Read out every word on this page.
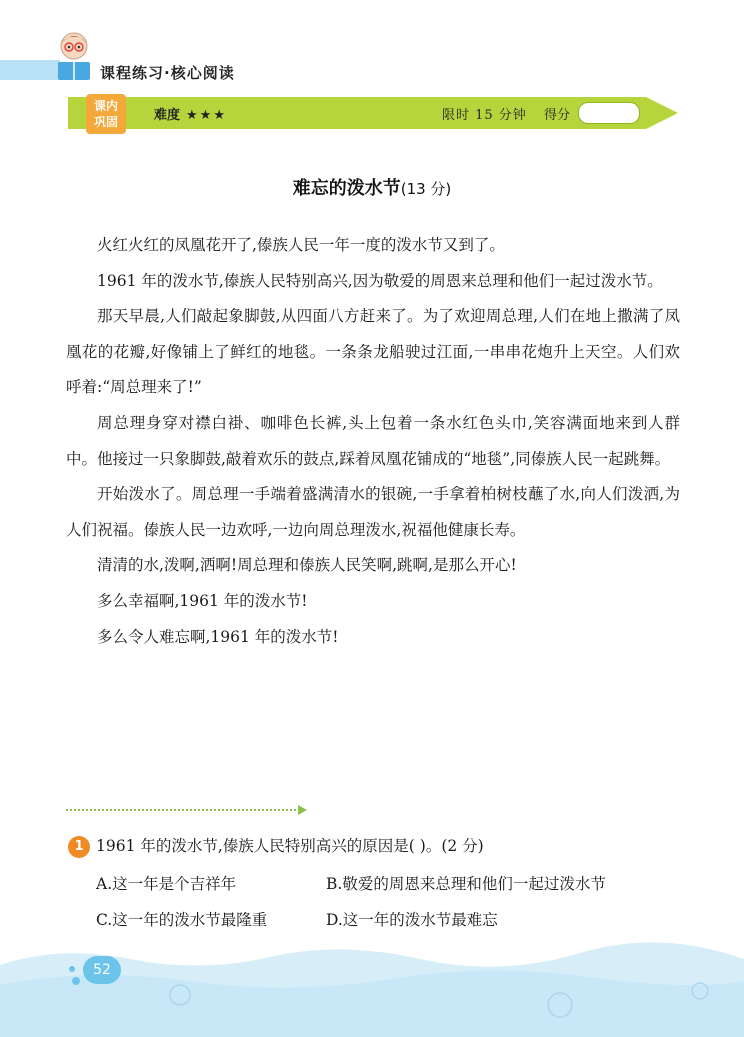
课程练习·核心阅读
课内
巩固	难度 ★★★	限时 15 分钟 得分
难忘的泼水节(13 分)

火红火红的凤凰花开了,傣族人民一年一度的泼水节又到了。

1961 年的泼水节,傣族人民特别高兴,因为敬爱的周恩来总理和他们一起过泼水节。

那天早晨,人们敲起象脚鼓,从四面八方赶来了。为了欢迎周总理,人们在地上撒满了凤凰花的花瓣,好像铺上了鲜红的地毯。一条条龙船驶过江面,一串串花炮升上天空。人们欢呼着:“周总理来了!”

周总理身穿对襟白褂、咖啡色长裤,头上包着一条水红色头巾,笑容满面地来到人群中。他接过一只象脚鼓,敲着欢乐的鼓点,踩着凤凰花铺成的“地毯”,同傣族人民一起跳舞。

开始泼水了。周总理一手端着盛满清水的银碗,一手拿着柏树枝蘸了水,向人们泼洒,为人们祝福。傣族人民一边欢呼,一边向周总理泼水,祝福他健康长寿。

清清的水,泼啊,洒啊!周总理和傣族人民笑啊,跳啊,是那么开心!

多么幸福啊,1961 年的泼水节!

多么令人难忘啊,1961 年的泼水节!

1 1961 年的泼水节,傣族人民特别高兴的原因是( )。(2 分)
A.这一年是个吉祥年	B.敬爱的周恩来总理和他们一起过泼水节
C.这一年的泼水节最隆重	D.这一年的泼水节最难忘
52
